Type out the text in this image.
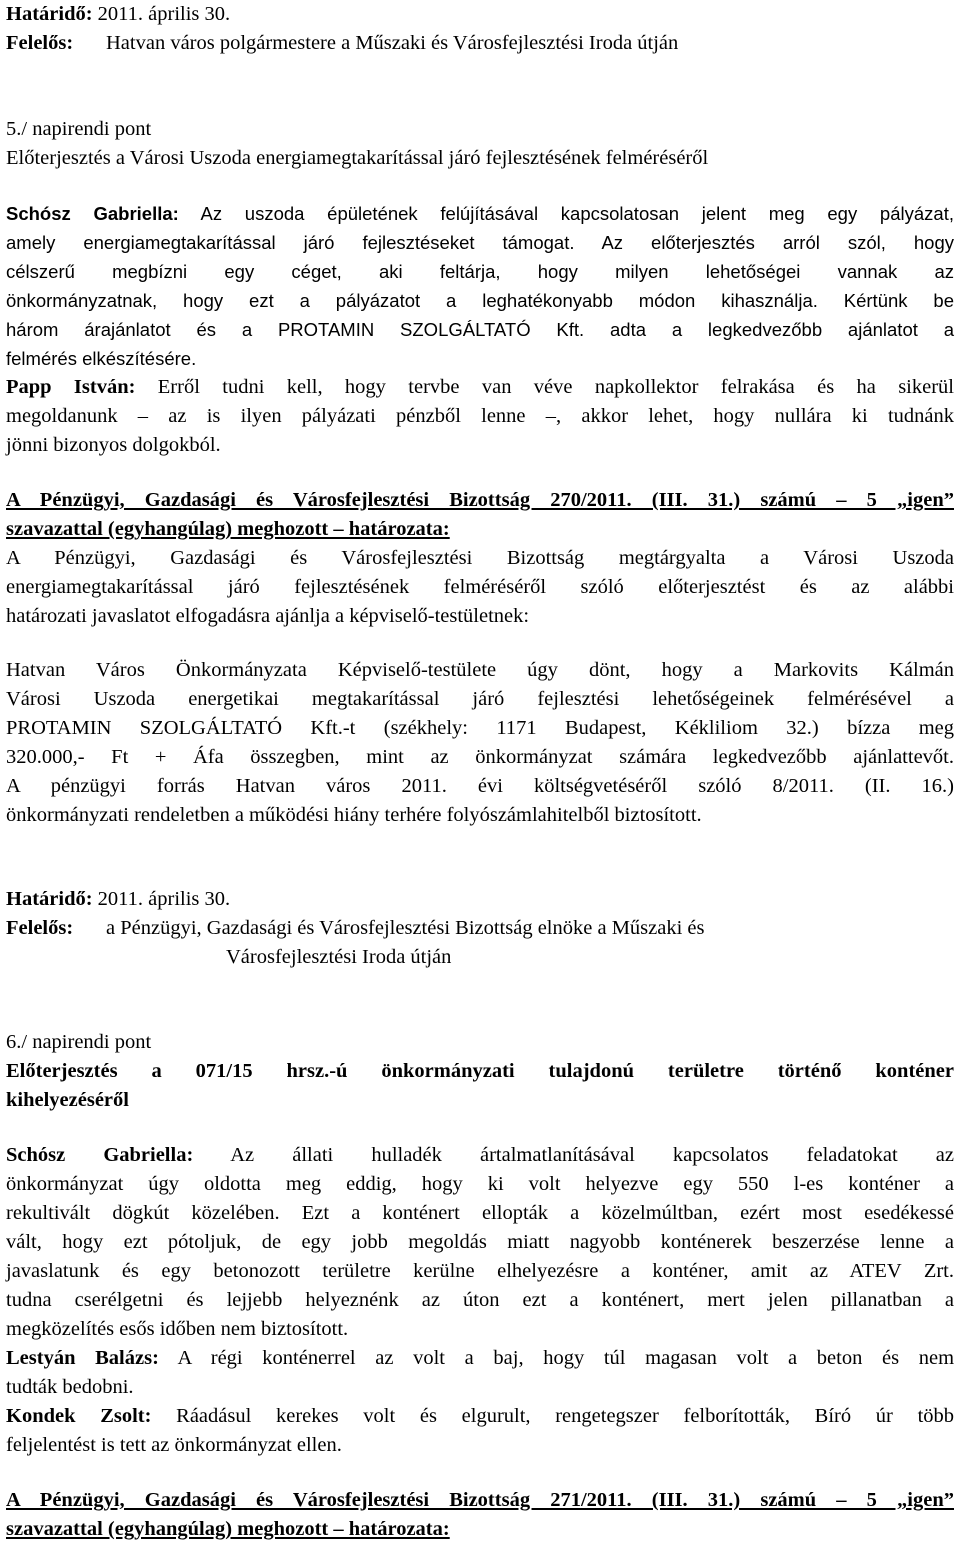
Határidő: 2011. április 30.
Felelős: Hatvan város polgármestere a Műszaki és Városfejlesztési Iroda útján
5./ napirendi pont
Előterjesztés a Városi Uszoda energiamegtakarítással járó fejlesztésének felméréséről
Schósz Gabriella: Az uszoda épületének felújításával kapcsolatosan jelent meg egy pályázat,
amely energiamegtakarítással járó fejlesztéseket támogat. Az előterjesztés arról szól, hogy
célszerű megbízni egy céget, aki feltárja, hogy milyen lehetőségei vannak az
önkormányzatnak, hogy ezt a pályázatot a leghatékonyabb módon kihasználja. Kértünk be
három árajánlatot és a PROTAMIN SZOLGÁLTATÓ Kft. adta a legkedvezőbb ajánlatot a
felmérés elkészítésére.
Papp István: Erről tudni kell, hogy tervbe van véve napkollektor felrakása és ha sikerül
megoldanunk – az is ilyen pályázati pénzből lenne –, akkor lehet, hogy nullára ki tudnánk
jönni bizonyos dolgokból.
A Pénzügyi, Gazdasági és Városfejlesztési Bizottság 270/2011. (III. 31.) számú – 5 „igen”
szavazattal (egyhangúlag) meghozott – határozata:
A Pénzügyi, Gazdasági és Városfejlesztési Bizottság megtárgyalta a Városi Uszoda
energiamegtakarítással járó fejlesztésének felméréséről szóló előterjesztést és az alábbi
határozati javaslatot elfogadásra ajánlja a képviselő-testületnek:
Hatvan Város Önkormányzata Képviselő-testülete úgy dönt, hogy a Markovits Kálmán
Városi Uszoda energetikai megtakarítással járó fejlesztési lehetőségeinek felmérésével a
PROTAMIN SZOLGÁLTATÓ Kft.-t (székhely: 1171 Budapest, Kékliliom 32.) bízza meg
320.000,- Ft + Áfa összegben, mint az önkormányzat számára legkedvezőbb ajánlattevőt.
A pénzügyi forrás Hatvan város 2011. évi költségvetéséről szóló 8/2011. (II. 16.)
önkormányzati rendeletben a működési hiány terhére folyószámlahitelből biztosított.
Határidő: 2011. április 30.
Felelős: a Pénzügyi, Gazdasági és Városfejlesztési Bizottság elnöke a Műszaki és
Városfejlesztési Iroda útján
6./ napirendi pont
Előterjesztés a 071/15 hrsz.-ú önkormányzati tulajdonú területre történő konténer
kihelyezéséről
Schósz Gabriella: Az állati hulladék ártalmatlanításával kapcsolatos feladatokat az
önkormányzat úgy oldotta meg eddig, hogy ki volt helyezve egy 550 l-es konténer a
rekultivált dögkút közelében. Ezt a konténert ellopták a közelmúltban, ezért most esedékessé
vált, hogy ezt pótoljuk, de egy jobb megoldás miatt nagyobb konténerek beszerzése lenne a
javaslatunk és egy betonozott területre kerülne elhelyezésre a konténer, amit az ATEV Zrt.
tudna cserélgetni és lejjebb helyeznénk az úton ezt a konténert, mert jelen pillanatban a
megközelítés esős időben nem biztosított.
Lestyán Balázs: A régi konténerrel az volt a baj, hogy túl magasan volt a beton és nem
tudták bedobni.
Kondek Zsolt: Ráadásul kerekes volt és elgurult, rengetegszer felborították, Bíró úr több
feljelentést is tett az önkormányzat ellen.
A Pénzügyi, Gazdasági és Városfejlesztési Bizottság 271/2011. (III. 31.) számú – 5 „igen”
szavazattal (egyhangúlag) meghozott – határozata:
